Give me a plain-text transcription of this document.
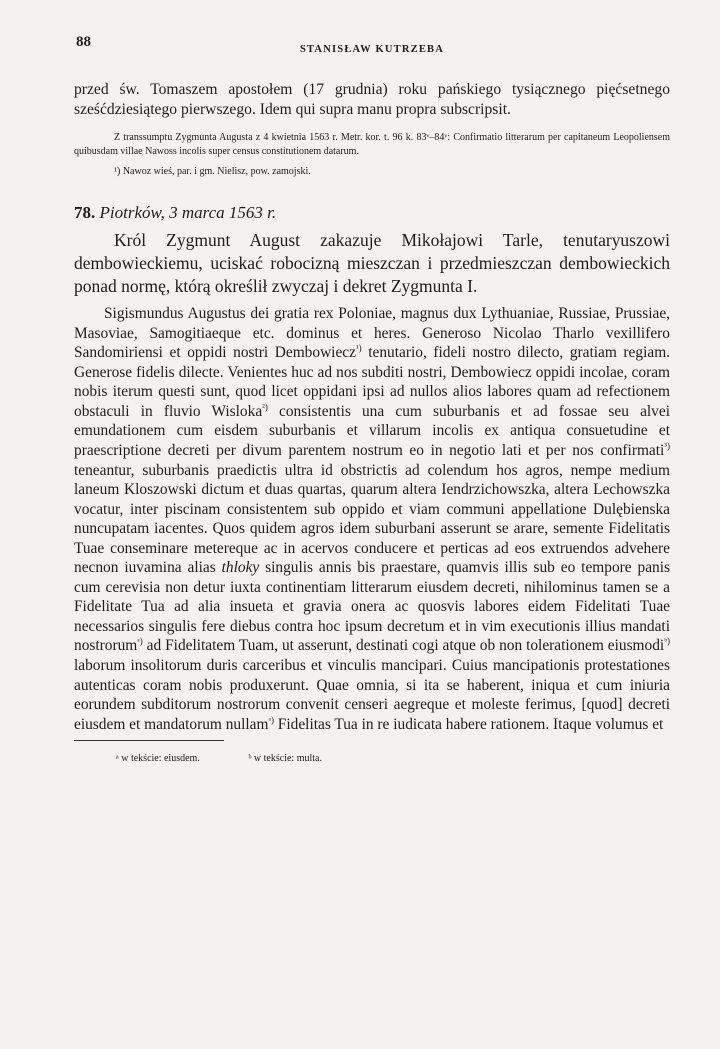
88	STANISŁAW KUTRZEBA

przed św. Tomaszem apostołem (17 grudnia) roku pańskiego tysiącznego pięćsetnego sześćdziesiątego pierwszego. Idem qui supra manu propra subscripsit.

Z transsumptu Zygmunta Augusta z 4 kwietnia 1563 r. Metr. kor. t. 96 k. 83ᵛ–84ᵛ: Confirmatio litterarum per capitaneum Leopoliensem quibusdam villae Nawoss incolis super census constitutionem datarum.

¹) Nawoz wieś, par. i gm. Nielisz, pow. zamojski.

78. Piotrków, 3 marca 1563 r.

Król Zygmunt August zakazuje Mikołajowi Tarle, tenutaryuszowi dembowieckiemu, uciskać robocizną mieszczan i przedmieszczan dembowieckich ponad normę, którą określił zwyczaj i dekret Zygmunta I.

Sigismundus Augustus dei gratia rex Poloniae, magnus dux Lythuaniae, Russiae, Prussiae, Masoviae, Samogitiaeque etc. dominus et heres. Generoso Nicolao Tharlo vexillifero Sandomiriensi et oppidi nostri Dembowiecz$^{^1)}$ tenutario, fideli nostro dilecto, gratiam regiam. Generose fidelis dilecte. Venientes huc ad nos subditi nostri, Dembowiecz oppidi incolae, coram nobis iterum questi sunt, quod licet oppidani ipsi ad nullos alios labores quam ad refectionem obstaculi in fluvio Wisloka$^{^2)}$ consistentis una cum suburbanis et ad fossae seu alvei emundationem cum eisdem suburbanis et villarum incolis ex antiqua consuetudine et praescriptione decreti per divum parentem nostrum eo in negotio lati et per nos confirmati$^{^3)}$ teneantur, suburbanis praedictis ultra id obstrictis ad colendum hos agros, nempe medium laneum Kloszowski dictum et duas quartas, quarum altera Iendrzichowszka, altera Lechowszka vocatur, inter piscinam consistentem sub oppido et viam communi appellatione Dulębienska nuncupatam iacentes. Quos quidem agros idem suburbani asserunt se arare, semente Fidelitatis Tuae conseminare metereque ac in acervos conducere et perticas ad eos extruendos advehere necnon iuvamina alias thloky singulis annis bis praestare, quamvis illis sub eo tempore panis cum cerevisia non detur iuxta continentiam litterarum eiusdem decreti, nihilominus tamen se a Fidelitate Tua ad alia insueta et gravia onera ac quosvis labores eidem Fidelitati Tuae necessarios singulis fere diebus contra hoc ipsum decretum et in vim executionis illius mandati nostrorum$^{ᵃ)}$ ad Fidelitatem Tuam, ut asserunt, destinati cogi atque ob non tolerationem eiusmodi$^{ᵇ)}$ laborum insolitorum duris carceribus et vinculis mancipari. Cuius mancipationis protestationes autenticas coram nobis produxerunt. Quae omnia, si ita se haberent, iniqua et cum iniuria eorundem subditorum nostrorum convenit censeri aegreque et moleste ferimus, [quod] decreti eiusdem et mandatorum nullam$^{ᵃ)}$ Fidelitas Tua in re iudicata habere rationem. Itaque volumus et

ᵃ w tekście: eiusdem.	ᵇ w tekście: multa.
